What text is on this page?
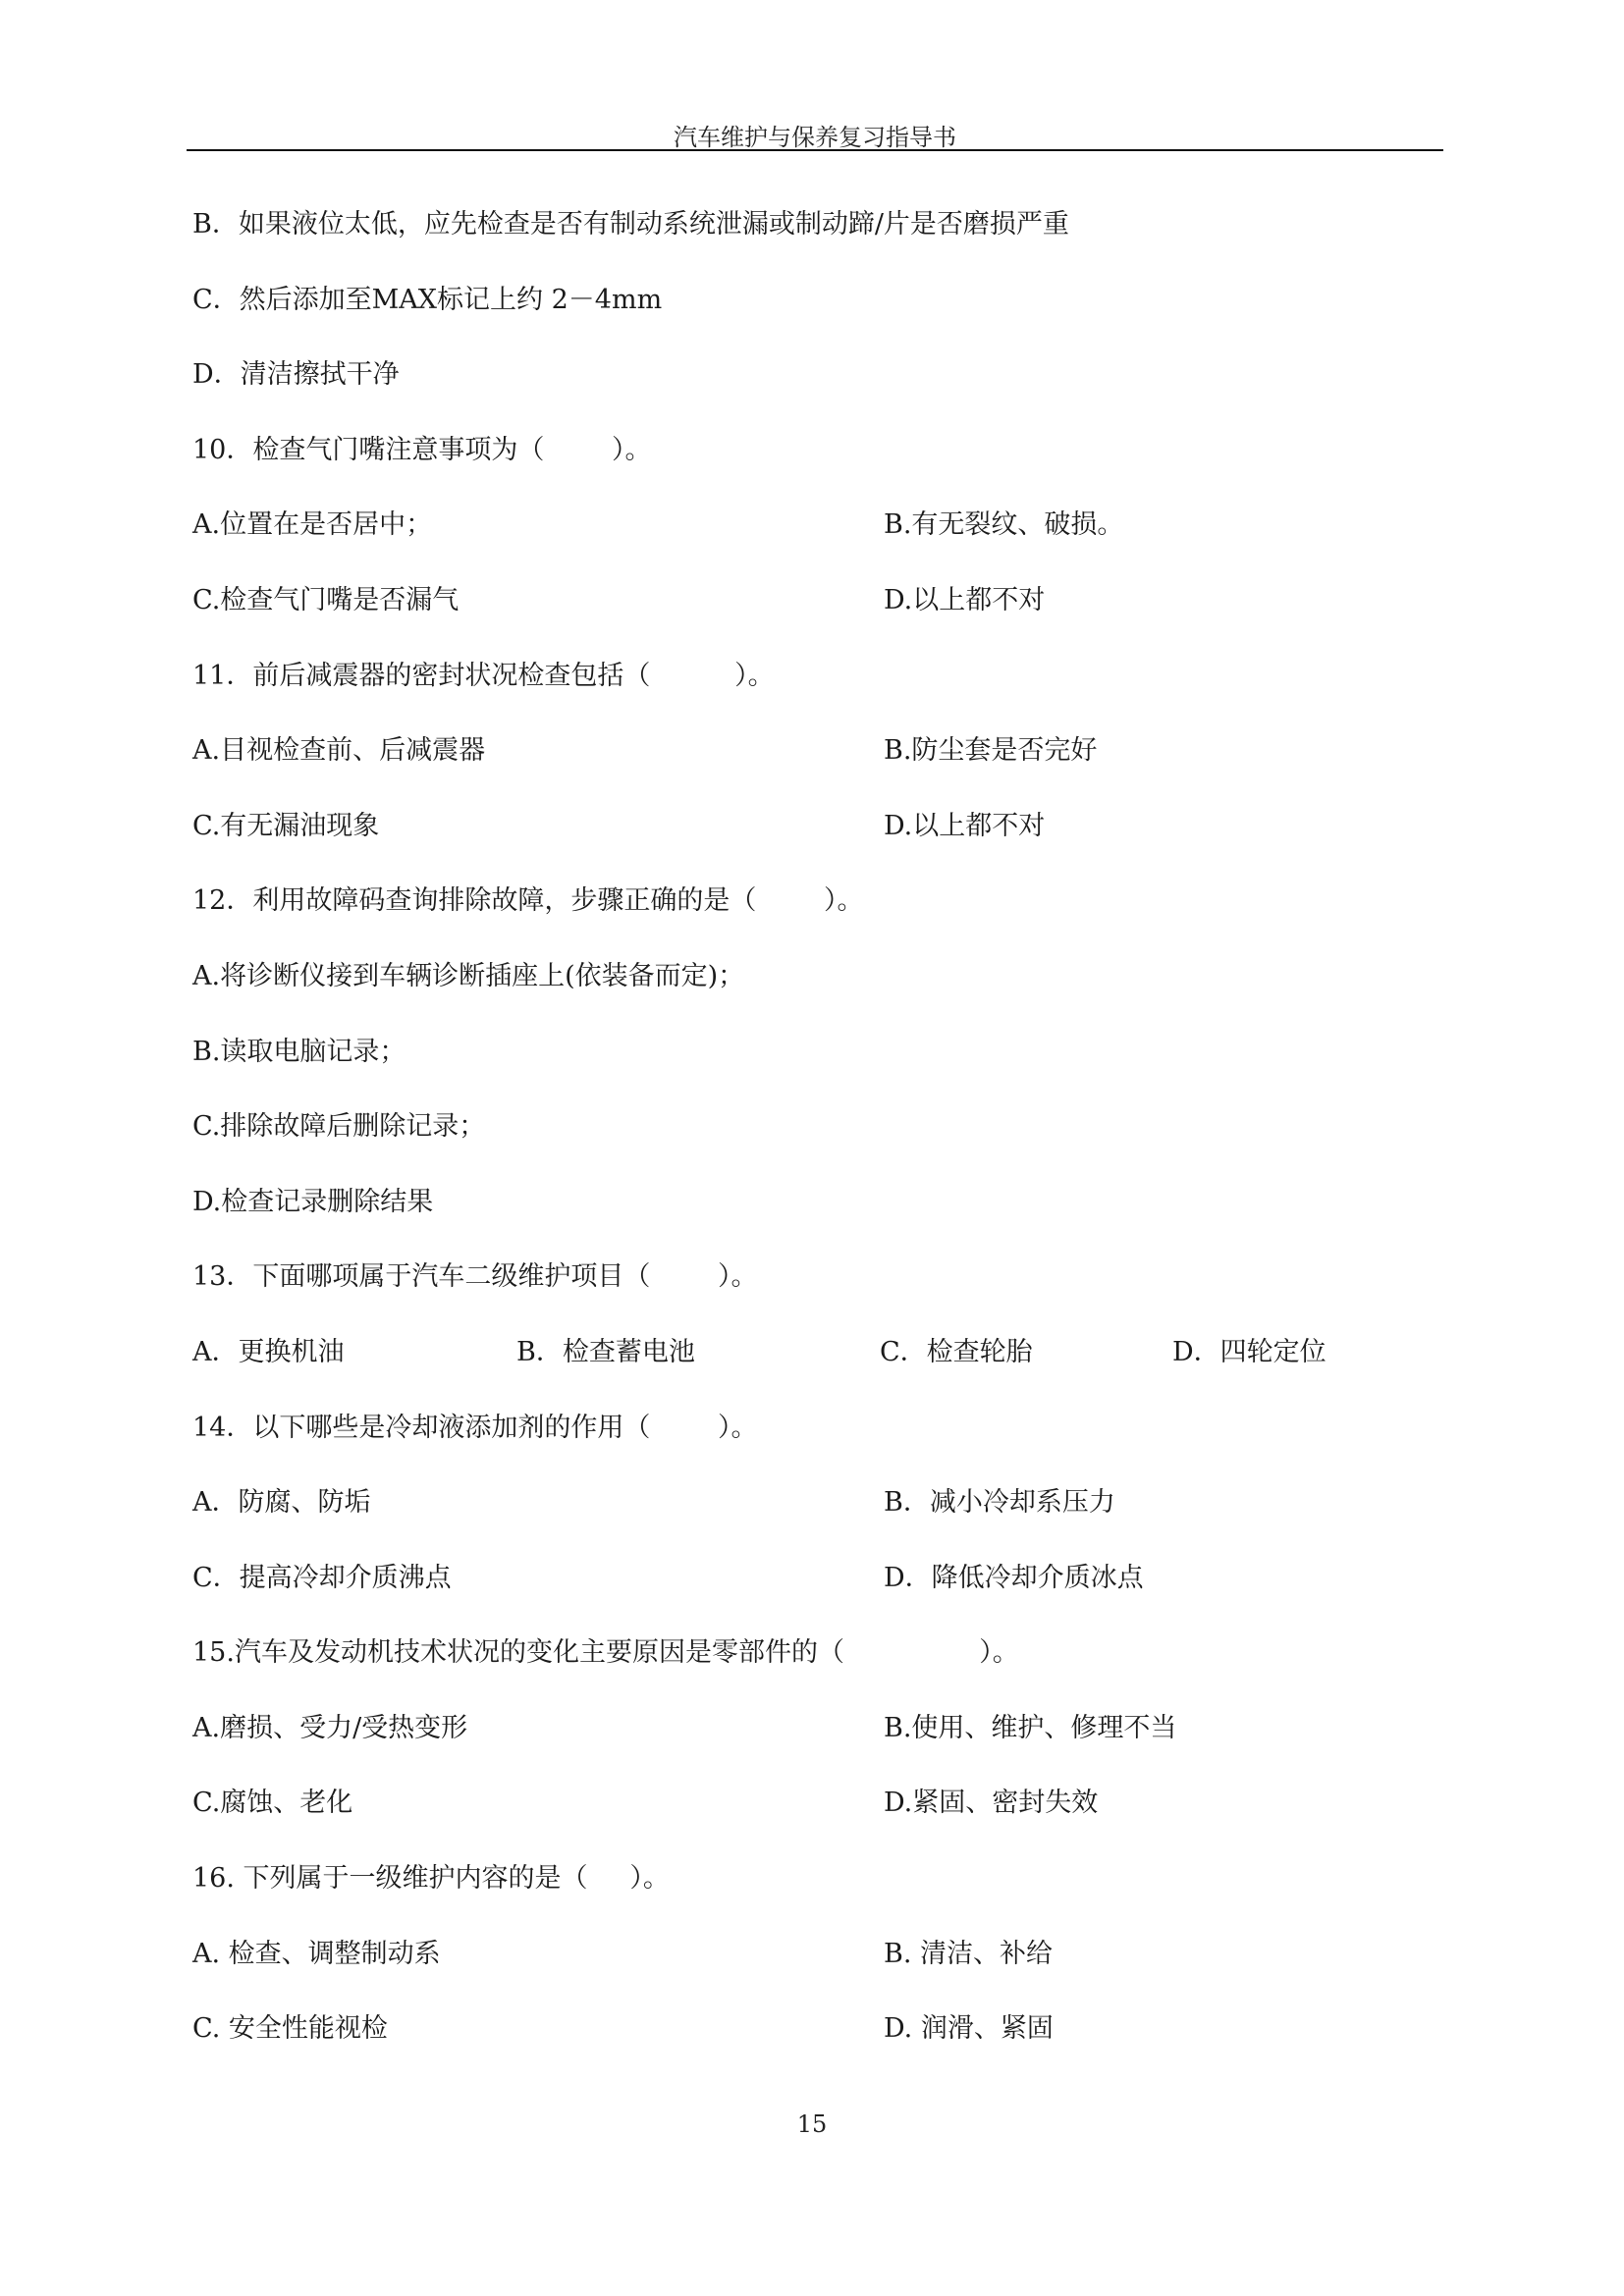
汽车维护与保养复习指导书

B．如果液位太低，应先检查是否有制动系统泄漏或制动蹄/片是否磨损严重

C．然后添加至MAX标记上约 2－4mm

D．清洁擦拭干净

10．检查气门嘴注意事项为（        ）。

A.位置在是否居中；

	B.有无裂纹、破损。

C.检查气门嘴是否漏气

	D.以上都不对

11．前后减震器的密封状况检查包括（          ）。

A.目视检查前、后减震器

	B.防尘套是否完好

C.有无漏油现象

	D.以上都不对

12．利用故障码查询排除故障，步骤正确的是（        ）。

A.将诊断仪接到车辆诊断插座上(依装备而定)；

B.读取电脑记录；

C.排除故障后删除记录；

D.检查记录删除结果

13．下面哪项属于汽车二级维护项目（        ）。

A．更换机油

	B．检查蓄电池

	C．检查轮胎

	D．四轮定位

14．以下哪些是冷却液添加剂的作用（        ）。

A．防腐、防垢

	B．减小冷却系压力

C．提高冷却介质沸点

	D．降低冷却介质冰点

15.汽车及发动机技术状况的变化主要原因是零部件的（                ）。

A.磨损、受力/受热变形

	B.使用、维护、修理不当

C.腐蚀、老化

	D.紧固、密封失效

16. 下列属于一级维护内容的是（     ）。

A. 检查、调整制动系

	B. 清洁、补给

C. 安全性能视检

	D. 润滑、紧固

15
